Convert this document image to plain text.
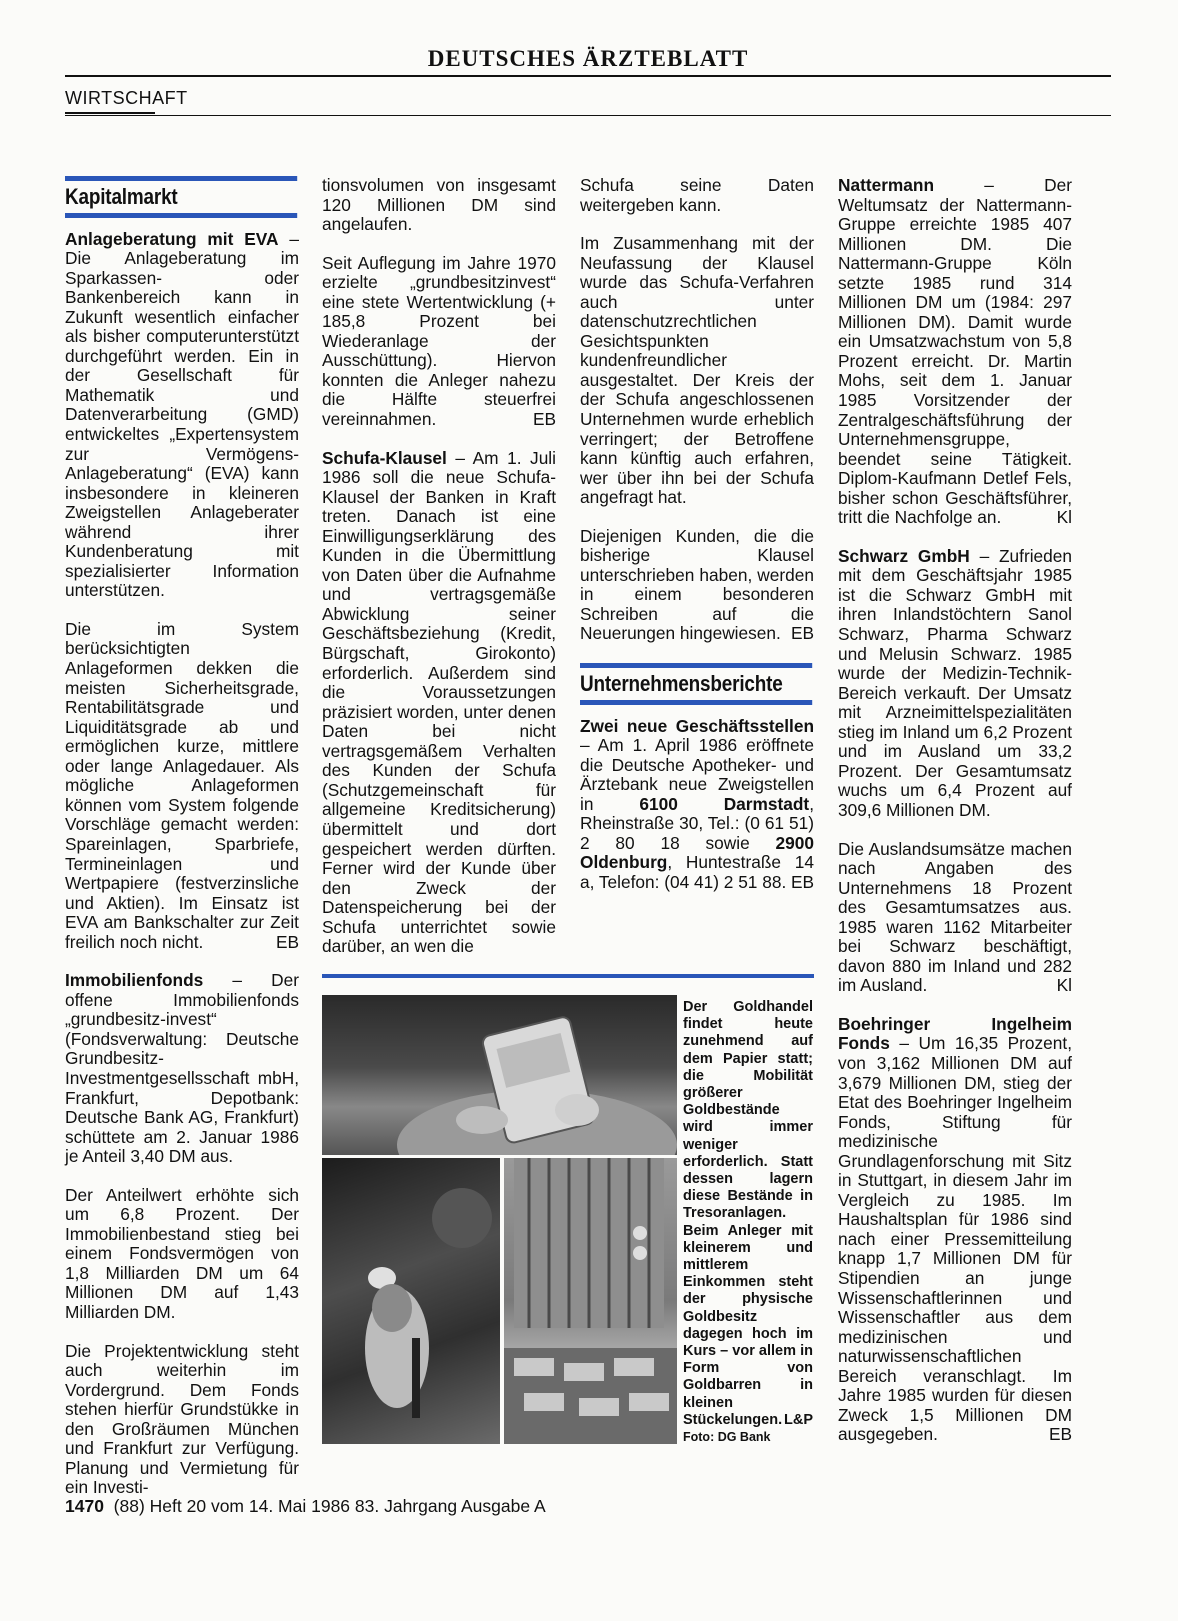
DEUTSCHES ÄRZTEBLATT
WIRTSCHAFT
Kapitalmarkt

Anlageberatung mit EVA – Die Anlageberatung im Sparkassen- oder Bankenbereich kann in Zukunft wesentlich einfacher als bisher computerunterstützt durchgeführt werden. Ein in der Gesellschaft für Mathematik und Datenverarbeitung (GMD) entwickeltes „Expertensystem zur Vermögens-Anlageberatung“ (EVA) kann insbesondere in kleineren Zweigstellen Anlageberater während ihrer Kundenberatung mit spezialisierter Information unterstützen.

Die im System berücksichtigten Anlageformen dekken die meisten Sicherheitsgrade, Rentabilitätsgrade und Liquiditätsgrade ab und ermöglichen kurze, mittlere oder lange Anlagedauer. Als mögliche Anlageformen können vom System folgende Vorschläge gemacht werden: Spareinlagen, Sparbriefe, Termineinlagen und Wertpapiere (festverzinsliche und Aktien). Im Einsatz ist EVA am Bankschalter zur Zeit freilich noch nicht.	EB

Immobilienfonds – Der offene Immobilienfonds „grundbesitz-invest“ (Fondsverwaltung: Deutsche Grundbesitz-Investmentgesellsschaft mbH, Frankfurt, Depotbank: Deutsche Bank AG, Frankfurt) schüttete am 2. Januar 1986 je Anteil 3,40 DM aus.

Der Anteilwert erhöhte sich um 6,8 Prozent. Der Immobilienbestand stieg bei einem Fondsvermögen von 1,8 Milliarden DM um 64 Millionen DM auf 1,43 Milliarden DM.

Die Projektentwicklung steht auch weiterhin im Vordergrund. Dem Fonds stehen hierfür Grundstükke in den Großräumen München und Frankfurt zur Verfügung. Planung und Vermietung für ein Investi-

tionsvolumen von insgesamt 120 Millionen DM sind angelaufen.

Seit Auflegung im Jahre 1970 erzielte „grundbesitzinvest“ eine stete Wertentwicklung (+ 185,8 Prozent bei Wiederanlage der Ausschüttung). Hiervon konnten die Anleger nahezu die Hälfte steuerfrei vereinnahmen.	EB

Schufa-Klausel – Am 1. Juli 1986 soll die neue Schufa-Klausel der Banken in Kraft treten. Danach ist eine Einwilligungserklärung des Kunden in die Übermittlung von Daten über die Aufnahme und vertragsgemäße Abwicklung seiner Geschäftsbeziehung (Kredit, Bürgschaft, Girokonto) erforderlich. Außerdem sind die Voraussetzungen präzisiert worden, unter denen Daten bei nicht vertragsgemäßem Verhalten des Kunden der Schufa (Schutzgemeinschaft für allgemeine Kreditsicherung) übermittelt und dort gespeichert werden dürften. Ferner wird der Kunde über den Zweck der Datenspeicherung bei der Schufa unterrichtet sowie darüber, an wen die

Schufa seine Daten weitergeben kann.

Im Zusammenhang mit der Neufassung der Klausel wurde das Schufa-Verfahren auch unter datenschutzrechtlichen Gesichtspunkten kundenfreundlicher ausgestaltet. Der Kreis der der Schufa angeschlossenen Unternehmen wurde erheblich verringert; der Betroffene kann künftig auch erfahren, wer über ihn bei der Schufa angefragt hat.

Diejenigen Kunden, die die bisherige Klausel unterschrieben haben, werden in einem besonderen Schreiben auf die Neuerungen hingewiesen. EB

Unternehmensberichte

Zwei neue Geschäftsstellen – Am 1. April 1986 eröffnete die Deutsche Apotheker- und Ärztebank neue Zweigstellen in 6100 Darmstadt, Rheinstraße 30, Tel.: (0 61 51) 2 80 18 sowie 2900 Oldenburg, Huntestraße 14 a, Telefon: (04 41) 2 51 88. EB

Nattermann – Der Weltumsatz der Nattermann-Gruppe erreichte 1985 407 Millionen DM. Die Nattermann-Gruppe Köln setzte 1985 rund 314 Millionen DM um (1984: 297 Millionen DM). Damit wurde ein Umsatzwachstum von 5,8 Prozent erreicht. Dr. Martin Mohs, seit dem 1. Januar 1985 Vorsitzender der Zentralgeschäftsführung der Unternehmensgruppe, beendet seine Tätigkeit. Diplom-Kaufmann Detlef Fels, bisher schon Geschäftsführer, tritt die Nachfolge an.	Kl

Schwarz GmbH – Zufrieden mit dem Geschäftsjahr 1985 ist die Schwarz GmbH mit ihren Inlandstöchtern Sanol Schwarz, Pharma Schwarz und Melusin Schwarz. 1985 wurde der Medizin-Technik-Bereich verkauft. Der Umsatz mit Arzneimittelspezialitäten stieg im Inland um 6,2 Prozent und im Ausland um 33,2 Prozent. Der Gesamtumsatz wuchs um 6,4 Prozent auf 309,6 Millionen DM.

Die Auslandsumsätze machen nach Angaben des Unternehmens 18 Prozent des Gesamtumsatzes aus. 1985 waren 1162 Mitarbeiter bei Schwarz beschäftigt, davon 880 im Inland und 282 im Ausland.	Kl

Boehringer Ingelheim Fonds – Um 16,35 Prozent, von 3,162 Millionen DM auf 3,679 Millionen DM, stieg der Etat des Boehringer Ingelheim Fonds, Stiftung für medizinische Grundlagenforschung mit Sitz in Stuttgart, in diesem Jahr im Vergleich zu 1985. Im Haushaltsplan für 1986 sind nach einer Pressemitteilung knapp 1,7 Millionen DM für Stipendien an junge Wissenschaftlerinnen und Wissenschaftler aus dem medizinischen und naturwissenschaftlichen Bereich veranschlagt. Im Jahre 1985 wurden für diesen Zweck 1,5 Millionen DM ausgegeben.	EB

Der Goldhandel findet heute zunehmend auf dem Papier statt; die Mobilität größerer Goldbestände wird immer weniger erforderlich. Statt dessen lagern diese Bestände in Tresoranlagen. Beim Anleger mit kleinerem und mittlerem Einkommen steht der physische Goldbesitz dagegen hoch im Kurs – vor allem in Form von Goldbarren in kleinen Stückelungen. L&P
Foto: DG Bank
1470 (88) Heft 20 vom 14. Mai 1986 83. Jahrgang Ausgabe A
